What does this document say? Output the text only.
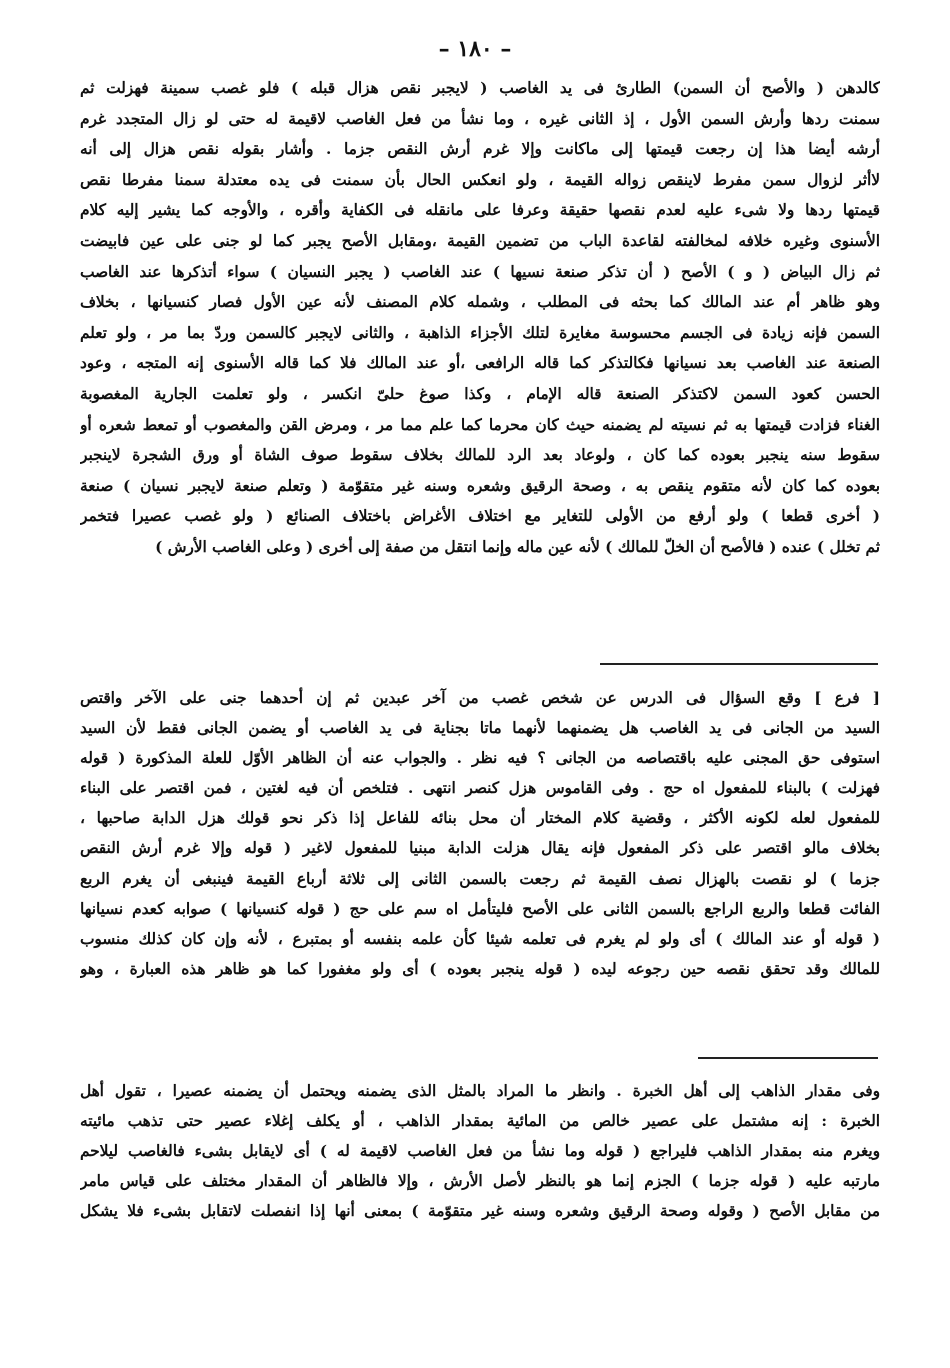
– ١٨٠ –
كالدهن ( والأصح أن السمن) الطارئ فى يد الغاصب ( لايجبر نقص هزال قبله ) فلو غصب سمينة فهزلت ثم
سمنت ردها وأرش السمن الأول ، إذ الثانى غيره ، وما نشأ من فعل الغاصب لاقيمة له حتى لو زال المتجدد غرم
أرشه أيضا هذا إن رجعت قيمتها إلى ماكانت وإلا غرم أرش النقص جزما . وأشار بقوله نقص هزال إلى أنه
لاأثر لزوال سمن مفرط لاينقص زواله القيمة ، ولو انعكس الحال بأن سمنت فى يده معتدلة سمنا مفرطا نقص
قيمتها ردها ولا شىء عليه لعدم نقصها حقيقة وعرفا على مانقله فى الكفاية وأقره ، والأوجه كما يشير إليه كلام
الأسنوى وغيره خلافه لمخالفته لقاعدة الباب من تضمين القيمة ،ومقابل الأصح يجبر كما لو جنى على عين فابيضت
ثم زال البياض ( و ) الأصح ( أن تذكر صنعة نسيها ) عند الغاصب ( يجبر النسيان ) سواء أتذكرها عند الغاصب
وهو ظاهر أم عند المالك كما بحثه فى المطلب ، وشمله كلام المصنف لأنه عين الأول فصار كنسيانها ، بخلاف
السمن فإنه زيادة فى الجسم محسوسة مغايرة لتلك الأجزاء الذاهبة ، والثانى لايجبر كالسمن وردّ بما مر ، ولو تعلم
الصنعة عند الغاصب بعد نسيانها فكالتذكر كما قاله الرافعى ،أو عند المالك فلا كما قاله الأسنوى إنه المتجه ، وعود
الحسن كعود السمن لاكتذكر الصنعة قاله الإمام ، وكذا صوغ حلىّ انكسر ، ولو تعلمت الجارية المغصوبة
الغناء فزادت قيمتها به ثم نسيته لم يضمنه حيث كان محرما كما علم مما مر ، ومرض القن والمغصوب أو تمعط شعره أو
سقوط سنه ينجبر بعوده كما كان ، ولوعاد بعد الرد للمالك بخلاف سقوط صوف الشاة أو ورق الشجرة لاينجبر
بعوده كما كان لأنه متقوم ينقص به ، وصحة الرقيق وشعره وسنه غير متقوّمة ( وتعلم صنعة لايجبر نسيان ) صنعة
( أخرى قطعا ) ولو أرفع من الأولى للتغاير مع اختلاف الأغراض باختلاف الصنائع ( ولو غصب عصيرا فتخمر
ثم تخلل ) عنده ( فالأصح أن الخلّ للمالك ) لأنه عين ماله وإنما انتقل من صفة إلى أخرى ( وعلى الغاصب الأرش )
[ فرع ] وقع السؤال فى الدرس عن شخص غصب من آخر عبدين ثم إن أحدهما جنى على الآخر واقتص
السيد من الجانى فى يد الغاصب هل يضمنهما لأنهما ماتا بجناية فى يد الغاصب أو يضمن الجانى فقط لأن السيد
استوفى حق المجنى عليه باقتصاصه من الجانى ؟ فيه نظر . والجواب عنه أن الظاهر الأوّل للعلة المذكورة ( قوله
فهزلت ) بالبناء للمفعول اه حج . وفى القاموس هزل كنصر انتهى . فتلخص أن فيه لغتين ، فمن اقتصر على البناء
للمفعول لعله لكونه الأكثر ، وقضية كلام المختار أن محل بنائه للفاعل إذا ذكر نحو قولك هزل الدابة صاحبها ،
بخلاف مالو اقتصر على ذكر المفعول فإنه يقال هزلت الدابة مبنيا للمفعول لاغير ( قوله وإلا غرم أرش النقص
جزما ) لو نقصت بالهزال نصف القيمة ثم رجعت بالسمن الثانى إلى ثلاثة أرباع القيمة فينبغى أن يغرم الربع
الفائت قطعا والربع الراجع بالسمن الثانى على الأصح فليتأمل اه سم على حج ( قوله كنسيانها ) صوابه كعدم نسيانها
( قوله أو عند المالك ) أى ولو لم يغرم فى تعلمه شيئا كأن علمه بنفسه أو بمتبرع ، لأنه وإن كان كذلك منسوب
للمالك وقد تحقق نقصه حين رجوعه ليده ( قوله ينجبر بعوده ) أى ولو مغفورا كما هو ظاهر هذه العبارة ، وهو
وفى مقدار الذاهب إلى أهل الخبرة . وانظر ما المراد بالمثل الذى يضمنه ويحتمل أن يضمنه عصيرا ، تقول أهل
الخبرة : إنه مشتمل على عصير خالص من المائية بمقدار الذاهب ، أو يكلف إغلاء عصير حتى تذهب مائيته
ويغرم منه بمقدار الذاهب فليراجع ( قوله وما نشأ من فعل الغاصب لاقيمة له ) أى لايقابل بشىء فالغاصب ليلاحم
مارتبه عليه ( قوله جزما ) الجزم إنما هو بالنظر لأصل الأرش ، وإلا فالظاهر أن المقدار مختلف على قياس مامر
من مقابل الأصح ( وقوله وصحة الرقيق وشعره وسنه غير متقوّمة ) بمعنى أنها إذا انفصلت لاتقابل بشىء فلا يشكل
